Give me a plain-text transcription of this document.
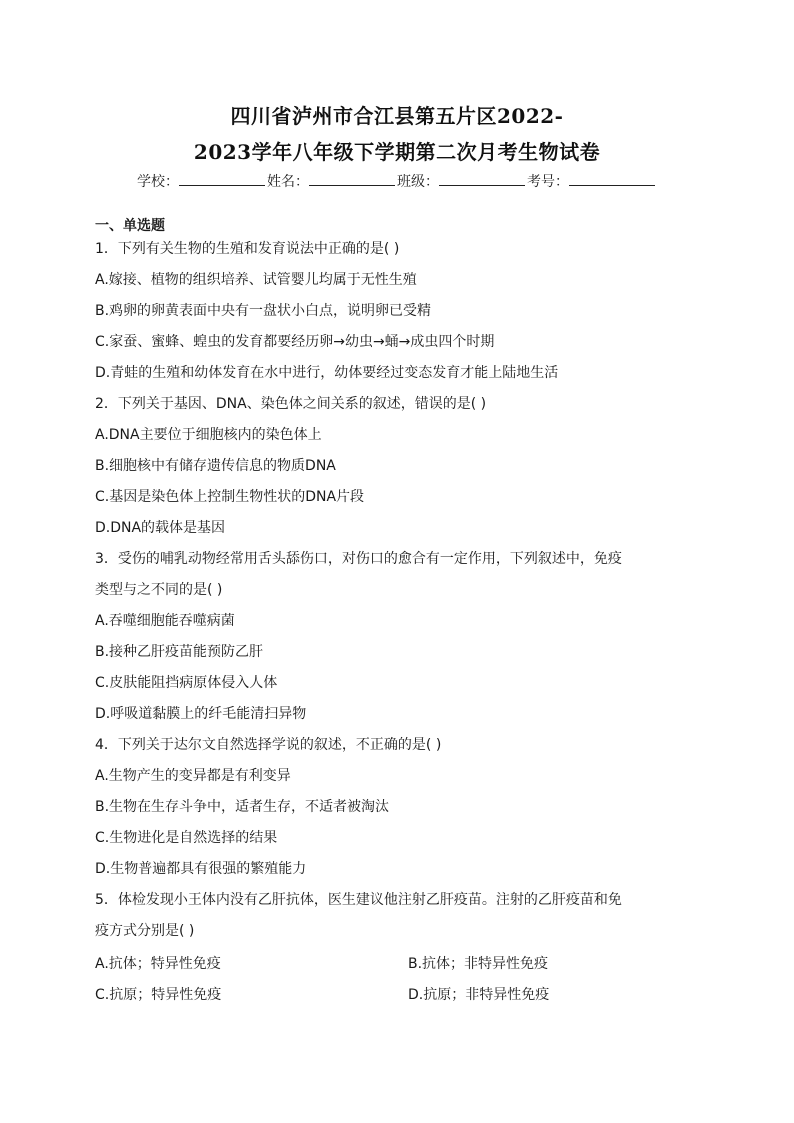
四川省泸州市合江县第五片区2022-
2023学年八年级下学期第二次月考生物试卷
学校：	姓名：	班级：	考号：
一、单选题
1．下列有关生物的生殖和发育说法中正确的是( )
A.嫁接、植物的组织培养、试管婴儿均属于无性生殖
B.鸡卵的卵黄表面中央有一盘状小白点，说明卵已受精
C.家蚕、蜜蜂、蝗虫的发育都要经历卵→幼虫→蛹→成虫四个时期
D.青蛙的生殖和幼体发育在水中进行，幼体要经过变态发育才能上陆地生活
2．下列关于基因、DNA、染色体之间关系的叙述，错误的是( )
A.DNA主要位于细胞核内的染色体上
B.细胞核中有储存遗传信息的物质DNA
C.基因是染色体上控制生物性状的DNA片段
D.DNA的载体是基因
3．受伤的哺乳动物经常用舌头舔伤口，对伤口的愈合有一定作用，下列叙述中，免疫
类型与之不同的是( )
A.吞噬细胞能吞噬病菌
B.接种乙肝疫苗能预防乙肝
C.皮肤能阻挡病原体侵入人体
D.呼吸道黏膜上的纤毛能清扫异物
4．下列关于达尔文自然选择学说的叙述，不正确的是( )
A.生物产生的变异都是有利变异
B.生物在生存斗争中，适者生存，不适者被淘汰
C.生物进化是自然选择的结果
D.生物普遍都具有很强的繁殖能力
5．体检发现小王体内没有乙肝抗体，医生建议他注射乙肝疫苗。注射的乙肝疫苗和免
疫方式分别是( )
A.抗体；特异性免疫	B.抗体；非特异性免疫
C.抗原；特异性免疫	D.抗原；非特异性免疫
